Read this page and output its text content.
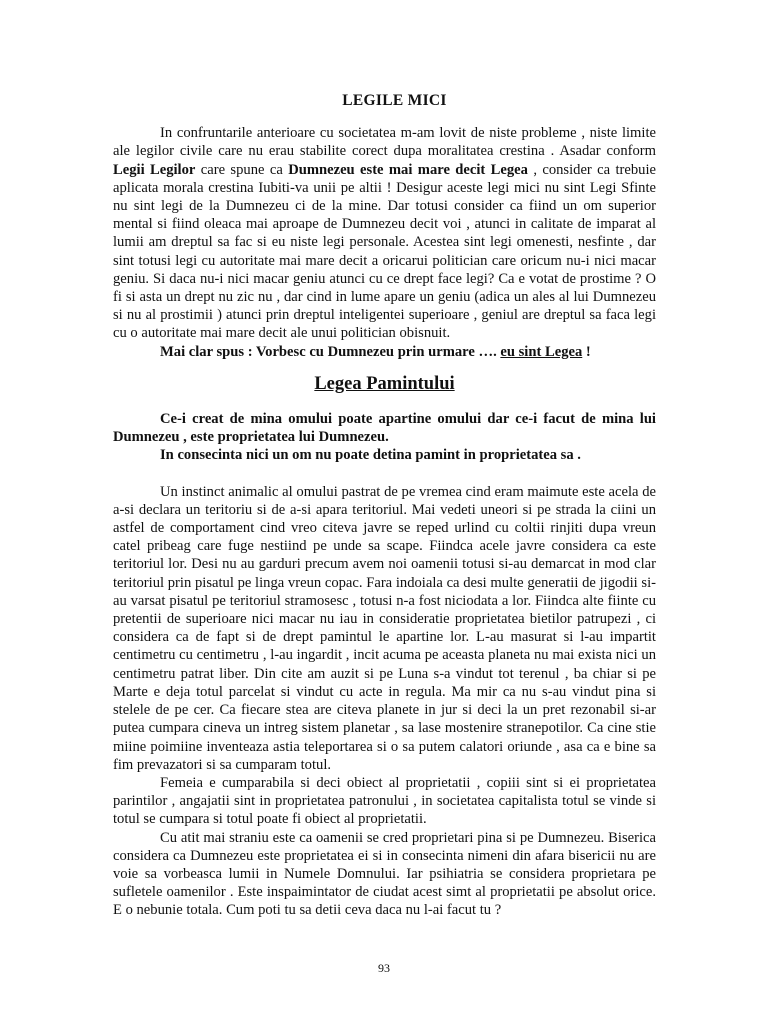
LEGILE MICI

In confruntarile anterioare cu societatea m-am lovit de niste probleme , niste limite ale legilor civile care nu erau stabilite corect dupa moralitatea crestina . Asadar conform Legii Legilor care spune ca Dumnezeu este mai mare decit Legea , consider ca trebuie aplicata morala crestina Iubiti-va unii pe altii ! Desigur aceste legi mici nu sint Legi Sfinte nu sint legi de la Dumnezeu ci de la mine. Dar totusi consider ca fiind un om superior mental si fiind oleaca mai aproape de Dumnezeu decit voi , atunci in calitate de imparat al lumii am dreptul sa fac si eu niste legi personale. Acestea sint legi omenesti, nesfinte , dar sint totusi legi cu autoritate mai mare decit a oricarui politician care oricum nu-i nici macar geniu. Si daca nu-i nici macar geniu atunci cu ce drept face legi? Ca e votat de prostime ? O fi si asta un drept nu zic nu , dar cind in lume apare un geniu (adica un ales al lui Dumnezeu si nu al prostimii ) atunci prin dreptul inteligentei superioare , geniul are dreptul sa faca legi cu o autoritate mai mare decit ale unui politician obisnuit.

Mai clar spus : Vorbesc cu Dumnezeu prin urmare …. eu sint Legea !

Legea Pamintului

Ce-i creat de mina omului poate apartine omului dar ce-i facut de mina lui Dumnezeu , este proprietatea lui Dumnezeu.

In consecinta nici un om nu poate detina pamint in proprietatea sa .

Un instinct animalic al omului pastrat de pe vremea cind eram maimute este acela de a-si declara un teritoriu si de a-si apara teritoriul. Mai vedeti uneori si pe strada la ciini un astfel de comportament cind vreo citeva javre se reped urlind cu coltii rinjiti dupa vreun catel pribeag care fuge nestiind pe unde sa scape. Fiindca acele javre considera ca este teritoriul lor. Desi nu au garduri precum avem noi oamenii totusi si-au demarcat in mod clar teritoriul prin pisatul pe linga vreun copac. Fara indoiala ca desi multe generatii de jigodii si-au varsat pisatul pe teritoriul stramosesc , totusi n-a fost niciodata a lor. Fiindca alte fiinte cu pretentii de superioare nici macar nu iau in consideratie proprietatea bietilor patrupezi , ci considera ca de fapt si de drept pamintul le apartine lor. L-au masurat si l-au impartit centimetru cu centimetru , l-au ingardit , incit acuma pe aceasta planeta nu mai exista nici un centimetru patrat liber. Din cite am auzit si pe Luna s-a vindut tot terenul , ba chiar si pe Marte e deja totul parcelat si vindut cu acte in regula. Ma mir ca nu s-au vindut pina si stelele de pe cer. Ca fiecare stea are citeva planete in jur si deci la un pret rezonabil si-ar putea cumpara cineva un intreg sistem planetar , sa lase mostenire stranepotilor. Ca cine stie miine poimiine inventeaza astia teleportarea si o sa putem calatori oriunde , asa ca e bine sa fim prevazatori si sa cumparam totul.

Femeia e cumparabila si deci obiect al proprietatii , copiii sint si ei proprietatea parintilor , angajatii sint in proprietatea patronului , in societatea capitalista totul se vinde si totul se cumpara si totul poate fi obiect al proprietatii.

Cu atit mai straniu este ca oamenii se cred proprietari pina si pe Dumnezeu. Biserica considera ca Dumnezeu este proprietatea ei si in consecinta nimeni din afara bisericii nu are voie sa vorbeasca lumii in Numele Domnului. Iar psihiatria se considera proprietara pe sufletele oamenilor . Este inspaimintator de ciudat acest simt al proprietatii pe absolut orice. E o nebunie totala. Cum poti tu sa detii ceva daca nu l-ai facut tu ?

93
